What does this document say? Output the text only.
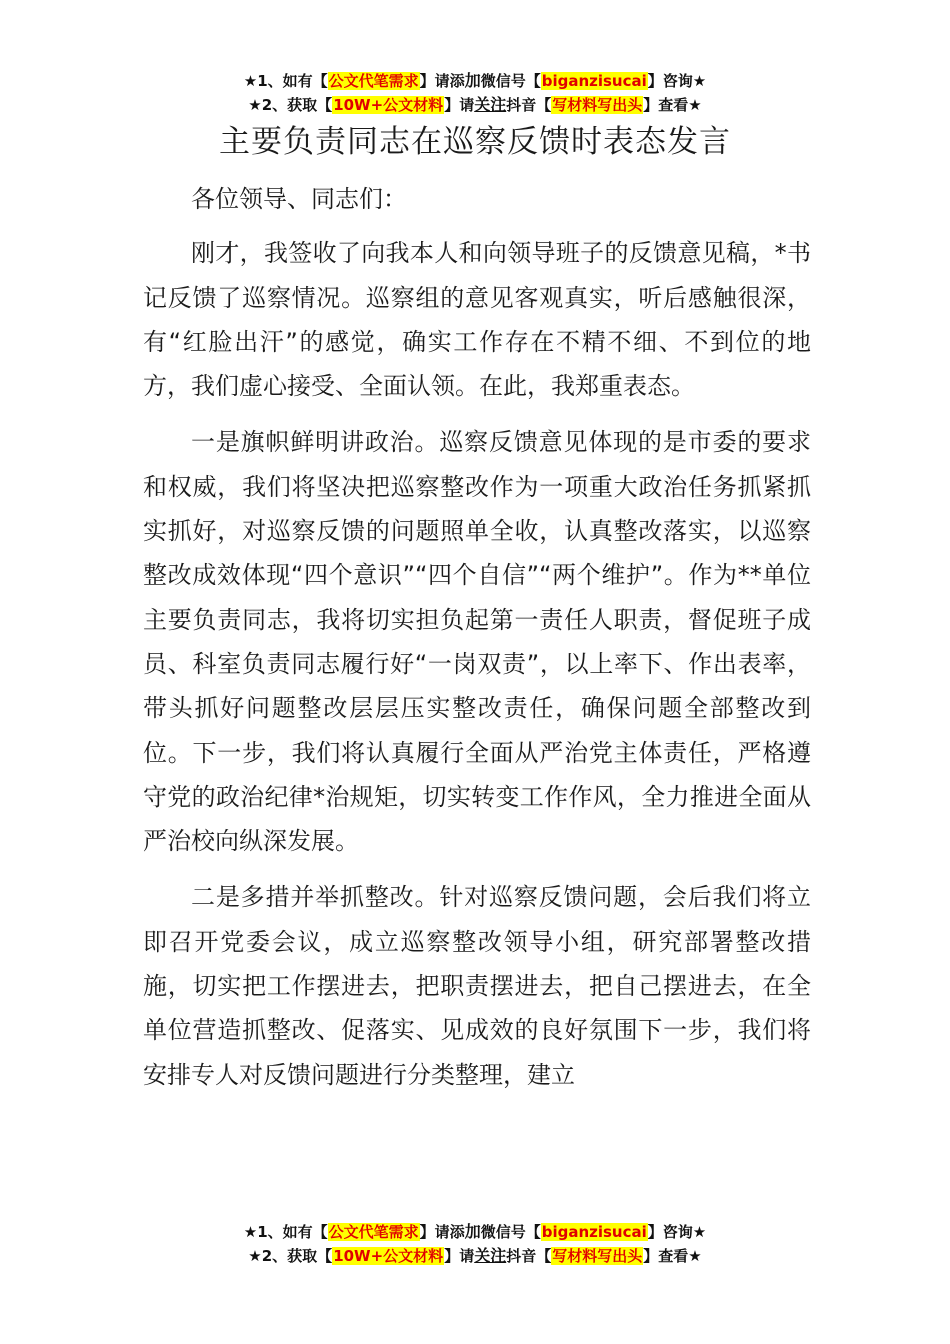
★1、如有【公文代笔需求】请添加微信号【biganzisucai】咨询★
★2、获取【10W+公文材料】请关注抖音【写材料写出头】查看★
主要负责同志在巡察反馈时表态发言

各位领导、同志们：

刚才，我签收了向我本人和向领导班子的反馈意见稿，*书记反馈了巡察情况。巡察组的意见客观真实，听后感触很深，有“红脸出汗”的感觉，确实工作存在不精不细、不到位的地方，我们虚心接受、全面认领。在此，我郑重表态。

一是旗帜鲜明讲政治。巡察反馈意见体现的是市委的要求和权威，我们将坚决把巡察整改作为一项重大政治任务抓紧抓实抓好，对巡察反馈的问题照单全收，认真整改落实，以巡察整改成效体现“四个意识”“四个自信”“两个维护”。作为**单位主要负责同志，我将切实担负起第一责任人职责，督促班子成员、科室负责同志履行好“一岗双责”，以上率下、作出表率，带头抓好问题整改层层压实整改责任，确保问题全部整改到位。下一步，我们将认真履行全面从严治党主体责任，严格遵守党的政治纪律*治规矩，切实转变工作作风，全力推进全面从严治校向纵深发展。

二是多措并举抓整改。针对巡察反馈问题，会后我们将立即召开党委会议，成立巡察整改领导小组，研究部署整改措施，切实把工作摆进去，把职责摆进去，把自己摆进去，在全单位营造抓整改、促落实、见成效的良好氛围下一步，我们将安排专人对反馈问题进行分类整理，建立

★1、如有【公文代笔需求】请添加微信号【biganzisucai】咨询★
★2、获取【10W+公文材料】请关注抖音【写材料写出头】查看★
